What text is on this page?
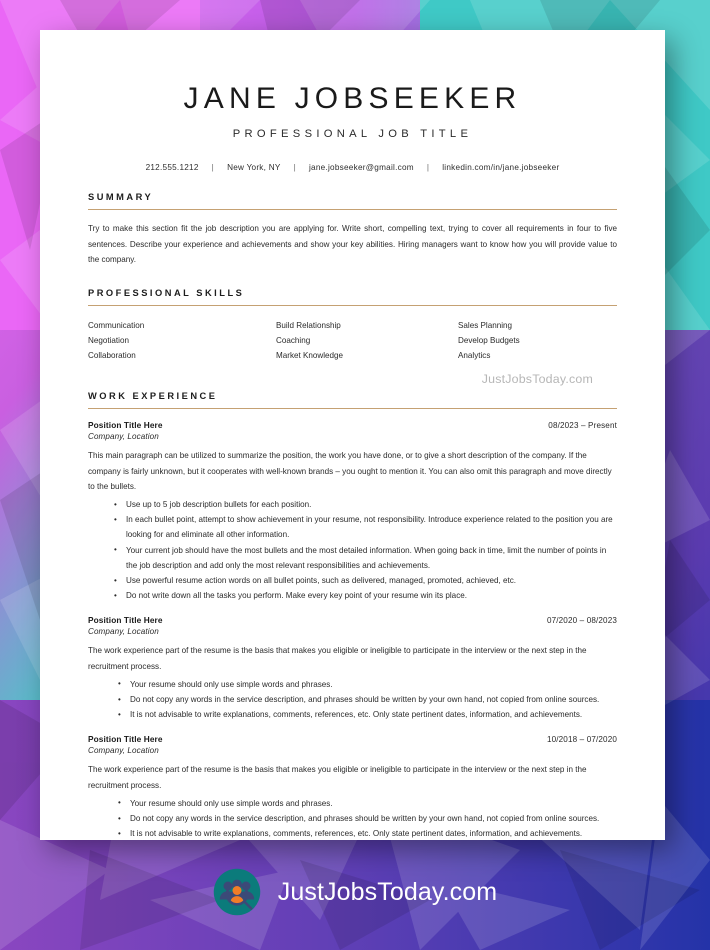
JANE JOBSEEKER
PROFESSIONAL JOB TITLE
212.555.1212	|	New York, NY	|	jane.jobseeker@gmail.com	|	linkedin.com/in/jane.jobseeker
SUMMARY

Try to make this section fit the job description you are applying for. Write short, compelling text, trying to cover all requirements in four to five sentences. Describe your experience and achievements and show your key abilities. Hiring managers want to know how you will provide value to the company.

PROFESSIONAL SKILLS
Communication	Build Relationship	Sales Planning
Negotiation	Coaching	Develop Budgets
Collaboration	Market Knowledge	Analytics
JustJobsToday.com
WORK EXPERIENCE
Position Title Here	08/2023 – Present
Company, Location
This main paragraph can be utilized to summarize the position, the work you have done, or to give a short description of the company. If the company is fairly unknown, but it cooperates with well-known brands – you ought to mention it. You can also omit this paragraph and move directly to the bullets.
• Use up to 5 job description bullets for each position.
• In each bullet point, attempt to show achievement in your resume, not responsibility. Introduce experience related to the position you are looking for and eliminate all other information.
• Your current job should have the most bullets and the most detailed information. When going back in time, limit the number of points in the job description and add only the most relevant responsibilities and achievements.
• Use powerful resume action words on all bullet points, such as delivered, managed, promoted, achieved, etc.
• Do not write down all the tasks you perform. Make every key point of your resume win its place.
Position Title Here	07/2020 – 08/2023
Company, Location
The work experience part of the resume is the basis that makes you eligible or ineligible to participate in the interview or the next step in the recruitment process.
• Your resume should only use simple words and phrases.
• Do not copy any words in the service description, and phrases should be written by your own hand, not copied from online sources.
• It is not advisable to write explanations, comments, references, etc. Only state pertinent dates, information, and achievements.
Position Title Here	10/2018 – 07/2020
Company, Location
The work experience part of the resume is the basis that makes you eligible or ineligible to participate in the interview or the next step in the recruitment process.
• Your resume should only use simple words and phrases.
• Do not copy any words in the service description, and phrases should be written by your own hand, not copied from online sources.
• It is not advisable to write explanations, comments, references, etc. Only state pertinent dates, information, and achievements.
JustJobsToday.com
